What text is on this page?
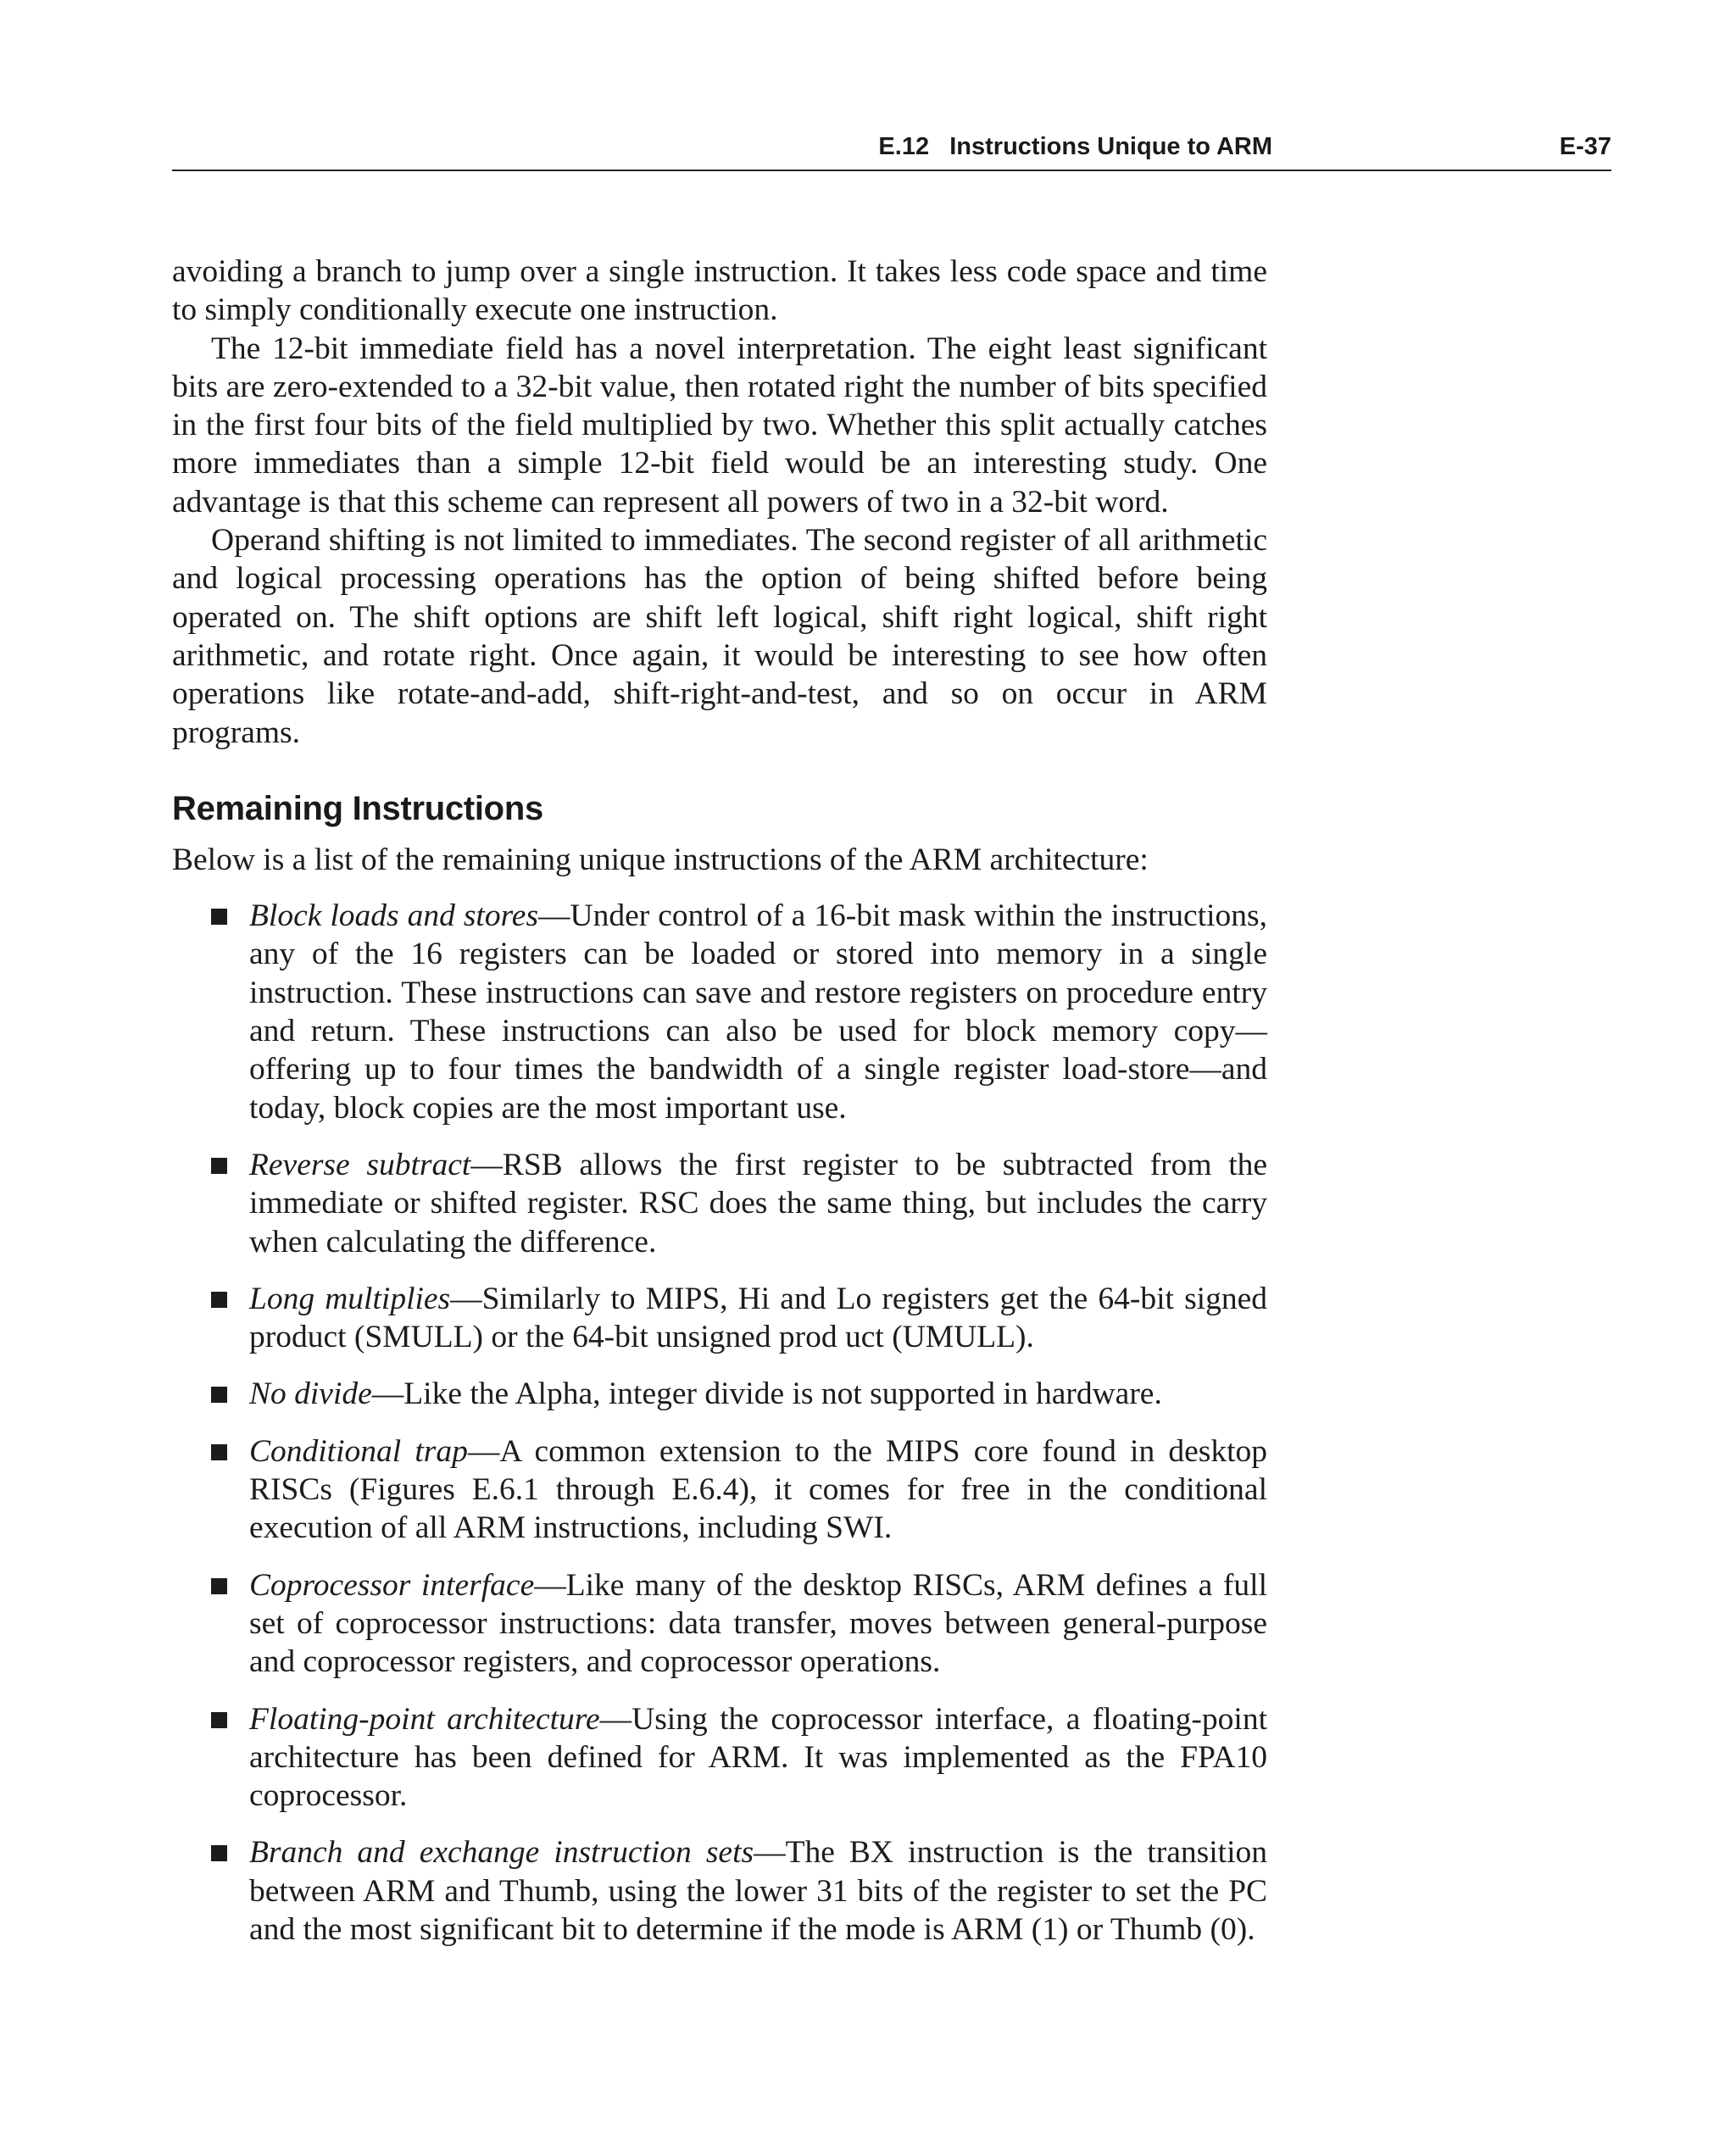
E.12   Instructions Unique to ARM	E-37

avoiding a branch to jump over a single instruction. It takes less code space and time to simply conditionally execute one instruction.

The 12-bit immediate field has a novel interpretation. The eight least significant bits are zero-extended to a 32-bit value, then rotated right the number of bits specified in the first four bits of the field multiplied by two. Whether this split actually catches more immediates than a simple 12-bit field would be an interesting study. One advantage is that this scheme can represent all powers of two in a 32-bit word.

Operand shifting is not limited to immediates. The second register of all arithmetic and logical processing operations has the option of being shifted before being operated on. The shift options are shift left logical, shift right logical, shift right arithmetic, and rotate right. Once again, it would be interesting to see how often operations like rotate-and-add, shift-right-and-test, and so on occur in ARM programs.

Remaining Instructions

Below is a list of the remaining unique instructions of the ARM architecture:

Block loads and stores—Under control of a 16-bit mask within the instructions, any of the 16 registers can be loaded or stored into memory in a single instruction. These instructions can save and restore registers on procedure entry and return. These instructions can also be used for block memory copy—offering up to four times the bandwidth of a single register load-store—and today, block copies are the most important use.
Reverse subtract—RSB allows the first register to be subtracted from the immediate or shifted register. RSC does the same thing, but includes the carry when calculating the difference.
Long multiplies—Similarly to MIPS, Hi and Lo registers get the 64-bit signed product (SMULL) or the 64-bit unsigned prod uct (UMULL).
No divide—Like the Alpha, integer divide is not supported in hardware.
Conditional trap—A common extension to the MIPS core found in desktop RISCs (Figures E.6.1 through E.6.4), it comes for free in the conditional execution of all ARM instructions, including SWI.
Coprocessor interface—Like many of the desktop RISCs, ARM defines a full set of coprocessor instructions: data transfer, moves between general-purpose and coprocessor registers, and coprocessor operations.
Floating-point architecture—Using the coprocessor interface, a floating-point architecture has been defined for ARM. It was implemented as the FPA10 coprocessor.
Branch and exchange instruction sets—The BX instruction is the transition between ARM and Thumb, using the lower 31 bits of the register to set the PC and the most significant bit to determine if the mode is ARM (1) or Thumb (0).
